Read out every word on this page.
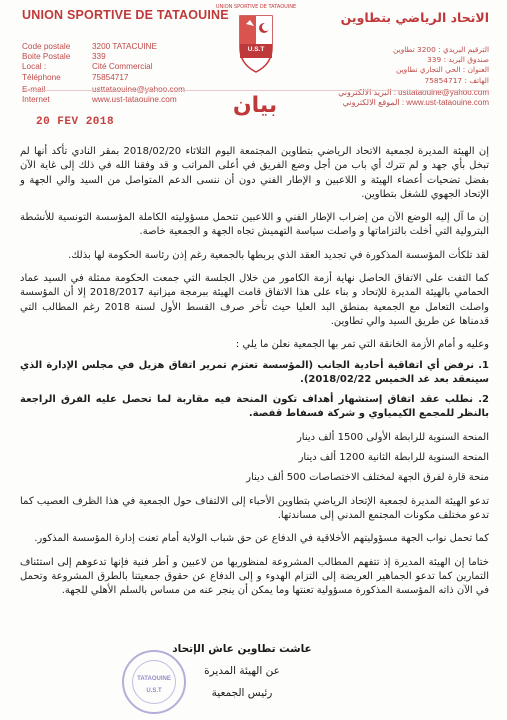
UNION SPORTIVE DE TATAOUINE
Code postale	3200 TATACUINE
Boite Postale	339
Local :	Cité Commercial
Téléphone	75854717
E-mail	usttataouine@yahoo.com
Internet	www.ust-tataouine.com
UNION SPORTIVE DE TATAOUINE
U.S.T
الاتحاد الرياضي بتطاوين
الترقيم البريدي : 3200 تطاوين
صندوق البريد : 339
العنوان : الحي التجاري تطاوين
الهاتف : 75854717
البريد الالكتروني : usttataouine@yahoo.com
الموقع الالكتروني : www.ust-tataouine.com
بيان
20 FEV 2018

إن الهيئة المديرة لجمعية الاتحاد الرياضي بتطاوين المجتمعة اليوم الثلاثاء 2018/02/20 بمقر النادي تأكد أنها لم تبخل بأي جهد و لم تترك أي باب من أجل وضع الفريق في أعلى المراتب و قد وفقنا الله في ذلك إلى غاية الآن بفضل تضحيات أعضاء الهيئة و اللاعبين و الإطار الفني دون أن ننسى الدعم المتواصل من السيد والي الجهة و الإتحاد الجهوي للشغل بتطاوين.

إن ما آل إليه الوضع الآن من إضراب الإطار الفني و اللاعبين تتحمل مسؤوليته الكاملة المؤسسة التونسية للأنشطة البترولية التي أخلت بالتزاماتها و واصلت سياسة التهميش تجاه الجهة و الجمعية خاصة.

لقد تلكأت المؤسسة المذكورة في تجديد العقد الذي يربطها بالجمعية رغم إذن رئاسة الحكومة لها بذلك.

كما التفت على الاتفاق الحاصل نهاية أزمة الكامور من خلال الجلسة التي جمعت الحكومة ممثلة في السيد عماد الحمامي بالهيئة المديرة للإتحاد و بناء على هذا الاتفاق قامت الهيئة ببرمجة ميزانية 2018/2017 إلا أن المؤسسة واصلت التعامل مع الجمعية بمنطق البد العليا حيث تأخر صرف القسط الأول لسنة 2018 رغم المطالب التي قدمناها عن طريق السيد والي تطاوين.

وعليه و أمام الأزمة الخانقة التي تمر بها الجمعية نعلن ما يلي :

1. نرفض أي اتفاقية أحادية الجانب (المؤسسة تعتزم تمرير اتفاق هزيل في مجلس الإدارة الذي سينعقد بعد غد الخميس 2018/02/22).

2. نطلب عقد اتفاق إستشهار أهداف تكون المنحة فيه مقاربة لما تحصل عليه الفرق الراجعة بالنظر للمجمع الكيمياوي و شركة فسفاط قفصة.

المنحة السنوية للرابطة الأولى 1500 ألف دينار

المنحة السنوية للرابطة الثانية 1200 ألف دينار

منحة قارة لفرق الجهة لمختلف الاختصاصات 500 ألف دينار

تدعو الهيئة المديرة لجمعية الإتحاد الرياضي بتطاوين الأحباء إلى الالتفاف حول الجمعية في هذا الظرف العصيب كما تدعو مختلف مكونات المجتمع المدني إلى مساندتها.

كما تحمل نواب الجهة مسؤوليتهم الأخلاقية في الدفاع عن حق شباب الولاية أمام تعنت إدارة المؤسسة المذكور.

ختاما إن الهيئة المديرة إذ تتفهم المطالب المشروعة لمنظوريها من لاعبين و أطر فنية فإنها تدعوهم إلى استئناف التمارين كما تدعو الجماهير العريضة إلى التزام الهدوء و إلى الدفاع عن حقوق جمعيتنا بالطرق المشروعة وتحمل في الآن ذاته المؤسسة المذكورة مسؤولية تعنتها وما يمكن أن ينجر عنه من مساس بالسلم الأهلي للجهة.

TATAOUINE
U.S.T
عاشت تطاوين عاش الإتحاد
عن الهيئة المديرة
رئيس الجمعية
